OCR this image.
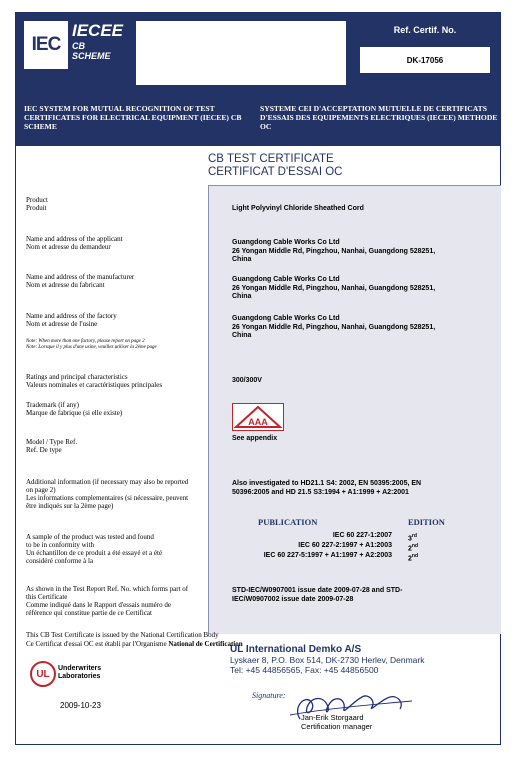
IEC
IECEE
CB
SCHEME
Ref. Certif. No.
DK-17056
IEC SYSTEM FOR MUTUAL RECOGNITION OF TEST CERTIFICATES FOR ELECTRICAL EQUIPMENT (IECEE) CB SCHEME
SYSTEME CEI D'ACCEPTATION MUTUELLE DE CERTIFICATS D'ESSAIS DES EQUIPEMENTS ELECTRIQUES (IECEE) METHODE OC
CB TEST CERTIFICATE
CERTIFICAT D'ESSAI OC
Product
Produit	Light Polyvinyl Chloride Sheathed Cord
Name and address of the applicant
Nom et adresse du demandeur
Guangdong Cable Works Co Ltd
26 Yongan Middle Rd, Pingzhou, Nanhai, Guangdong 528251,
China
Name and address of the manufacturer
Nom et adresse du fabricant
Guangdong Cable Works Co Ltd
26 Yongan Middle Rd, Pingzhou, Nanhai, Guangdong 528251,
China
Name and address of the factory
Nom et adresse de l'usine
Guangdong Cable Works Co Ltd
26 Yongan Middle Rd, Pingzhou, Nanhai, Guangdong 528251,
China
Note: When more than one factory, please report on page 2
Note: Lorsque il y plus d'une usine, veuillez utiliser la 2ème page
Ratings and principal characteristics
Valeurs nominales et caractéristiques principales
300/300V
Trademark (if any)
Marque de fabrique (si elle existe)
AAA
Model / Type Ref.
Ref. De type
See appendix
Additional information (if necessary may also be reported
on page 2)
Les informations complementaires (si nécessaire, peuvent
être indiqués sur la 2ème page)
Also investigated to HD21.1 S4: 2002, EN 50395:2005, EN
50396:2005 and HD 21.5 S3:1994 + A1:1999 + A2:2001
PUBLICATION	EDITION
IEC 60 227-1:2007 3rd
IEC 60 227-2:1997 + A1:2003 2nd
IEC 60 227-5:1997 + A1:1997 + A2:2003 2nd
A sample of the product was tested and found
to be in conformity with
Un échantillon de ce produit a été essayé et a été
considéré conforme à la
As shown in the Test Report Ref. No. which forms part of
this Certificate
Comme indiqué dans le Rapport d'essais numéro de
référence qui constitue partie de ce Certificat
STD-IEC/W0907001 issue date 2009-07-28 and STD-
IEC/W0907002 issue date 2009-07-28
This CB Test Certificate is issued by the National Certification Body
Ce Certificat d'essai OC est établi par l'Organisme National de Certification
UL Underwriters
Laboratories
2009-10-23
UL International Demko A/S
Lyskaer 8, P.O. Box 514, DK-2730 Herlev, Denmark
Tel: +45 44856565, Fax: +45 44856500
Signature:
Jan-Erik Storgaard
Certification manager
